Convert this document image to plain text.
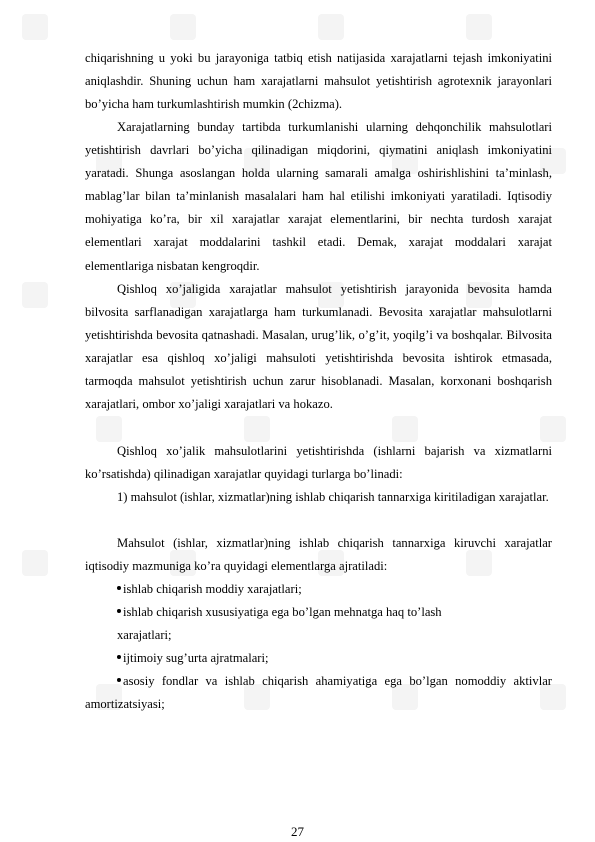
chiqarishning u yoki bu jarayoniga tatbiq etish natijasida xarajatlarni tejash imkoniyatini aniqlashdir. Shuning uchun ham xarajatlarni mahsulot yetishtirish agrotexnik jarayonlari bo’yicha ham turkumlashtirish mumkin (2chizma).

Xarajatlarning bunday tartibda turkumlanishi ularning dehqonchilik mahsulotlari yetishtirish davrlari bo’yicha qilinadigan miqdorini, qiymatini aniqlash imkoniyatini yaratadi. Shunga asoslangan holda ularning samarali amalga oshirishlishini ta’minlash, mablag’lar bilan ta’minlanish masalalari ham hal etilishi imkoniyati yaratiladi. Iqtisodiy mohiyatiga ko’ra, bir xil xarajatlar xarajat elementlarini, bir nechta turdosh xarajat elementlari xarajat moddalarini tashkil etadi. Demak, xarajat moddalari xarajat elementlariga nisbatan kengroqdir.

Qishloq xo’jaligida xarajatlar mahsulot yetishtirish jarayonida bevosita hamda bilvosita sarflanadigan xarajatlarga ham turkumlanadi. Bevosita xarajatlar mahsulotlarni yetishtirishda bevosita qatnashadi. Masalan, urug’lik, o’g’it, yoqilg’i va boshqalar. Bilvosita xarajatlar esa qishloq xo’jaligi mahsuloti yetishtirishda bevosita ishtirok etmasada, tarmoqda mahsulot yetishtirish uchun zarur hisoblanadi. Masalan, korxonani boshqarish xarajatlari, ombor xo’jaligi xarajatlari va hokazo.

Qishloq xo’jalik mahsulotlarini yetishtirishda (ishlarni bajarish va xizmatlarni ko’rsatishda) qilinadigan xarajatlar quyidagi turlarga bo’linadi:

1) mahsulot (ishlar, xizmatlar)ning ishlab chiqarish tannarxiga kiritiladigan xarajatlar.

Mahsulot (ishlar, xizmatlar)ning ishlab chiqarish tannarxiga kiruvchi xarajatlar iqtisodiy mazmuniga ko’ra quyidagi elementlarga ajratiladi:

ishlab chiqarish moddiy xarajatlari;

ishlab chiqarish xususiyatiga ega bo’lgan mehnatga haq to’lash

xarajatlari;

ijtimoiy sug’urta ajratmalari;

asosiy fondlar va ishlab chiqarish ahamiyatiga ega bo’lgan nomoddiy aktivlar amortizatsiyasi;

27
